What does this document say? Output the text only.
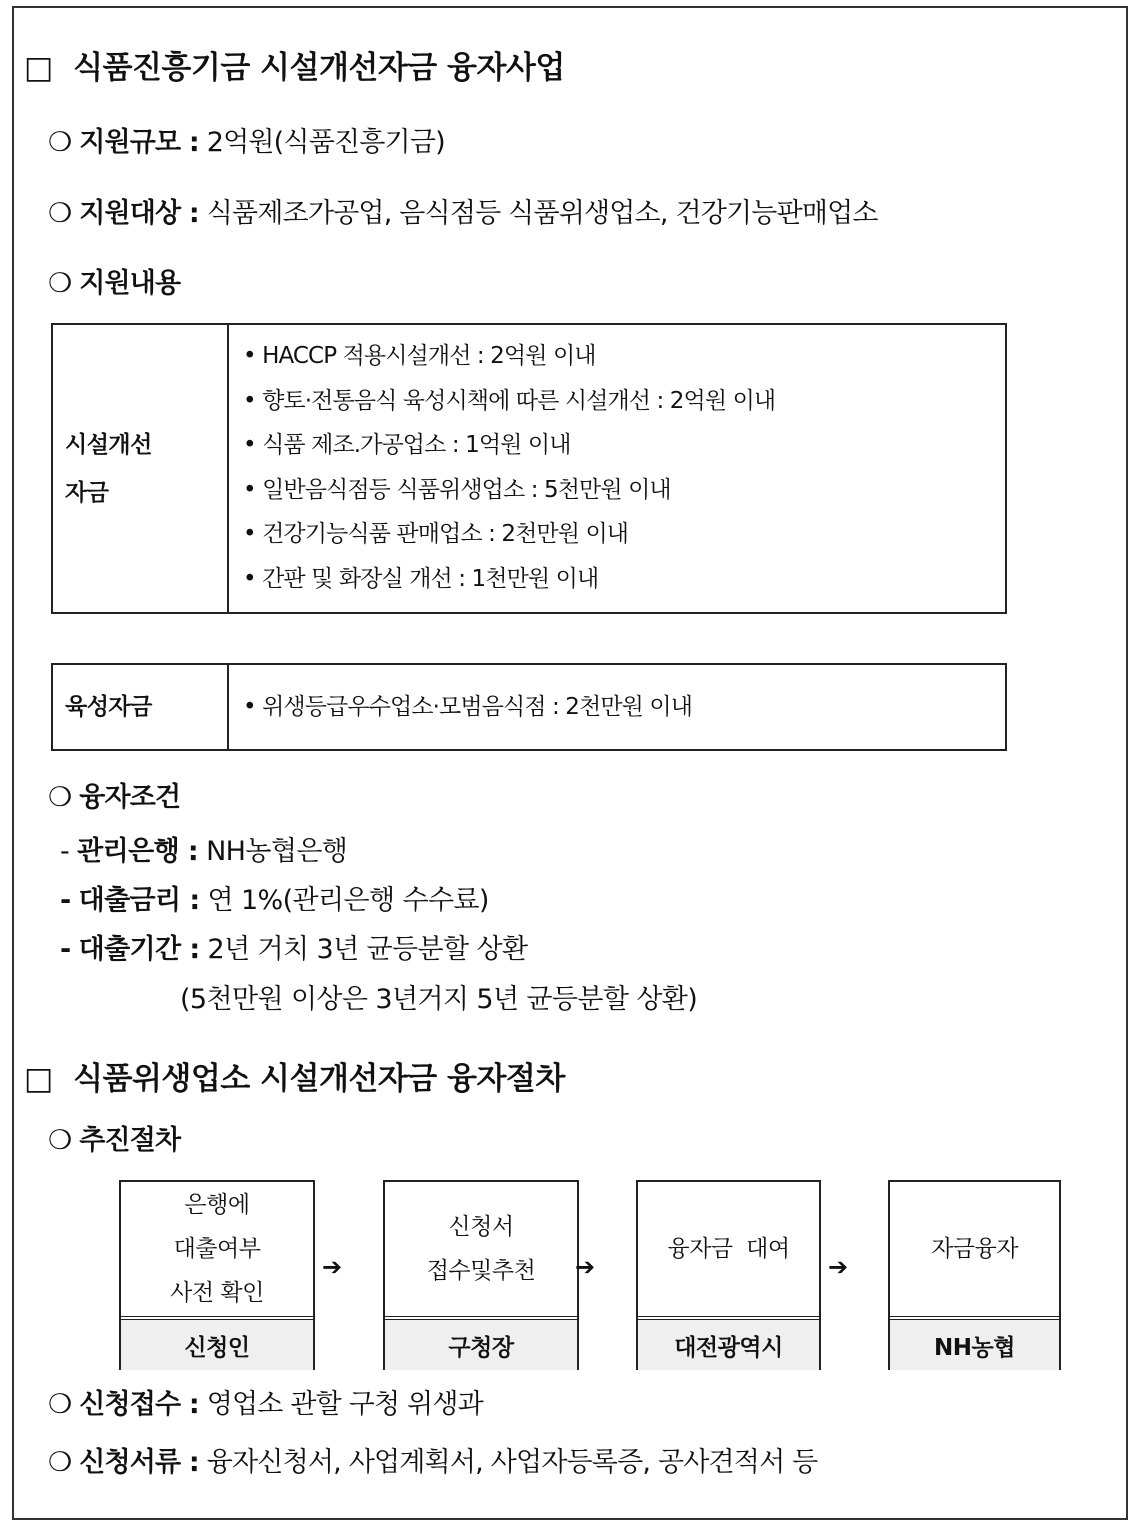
□ 식품진흥기금 시설개선자금 융자사업
❍ 지원규모 : 2억원(식품진흥기금)
❍ 지원대상 : 식품제조가공업, 음식점등 식품위생업소, 건강기능판매업소
❍ 지원내용
시설개선
자금
• HACCP 적용시설개선 : 2억원 이내
• 향토·전통음식 육성시책에 따른 시설개선 : 2억원 이내
• 식품 제조.가공업소 : 1억원 이내
• 일반음식점등 식품위생업소 : 5천만원 이내
• 건강기능식품 판매업소 : 2천만원 이내
• 간판 및 화장실 개선 : 1천만원 이내
육성자금	• 위생등급우수업소·모범음식점 : 2천만원 이내
❍ 융자조건
- 관리은행 : NH농협은행
- 대출금리 : 연 1%(관리은행 수수료)
- 대출기간 : 2년 거치 3년 균등분할 상환
(5천만원 이상은 3년거지 5년 균등분할 상환)
□ 식품위생업소 시설개선자금 융자절차
❍ 추진절차
은행에
대출여부
사전 확인
신청인
➔
신청서
접수및추천
구청장
➔
융자금  대여
대전광역시
➔
자금융자
NH농협
❍ 신청접수 : 영업소 관할 구청 위생과
❍ 신청서류 : 융자신청서, 사업계획서, 사업자등록증, 공사견적서 등
